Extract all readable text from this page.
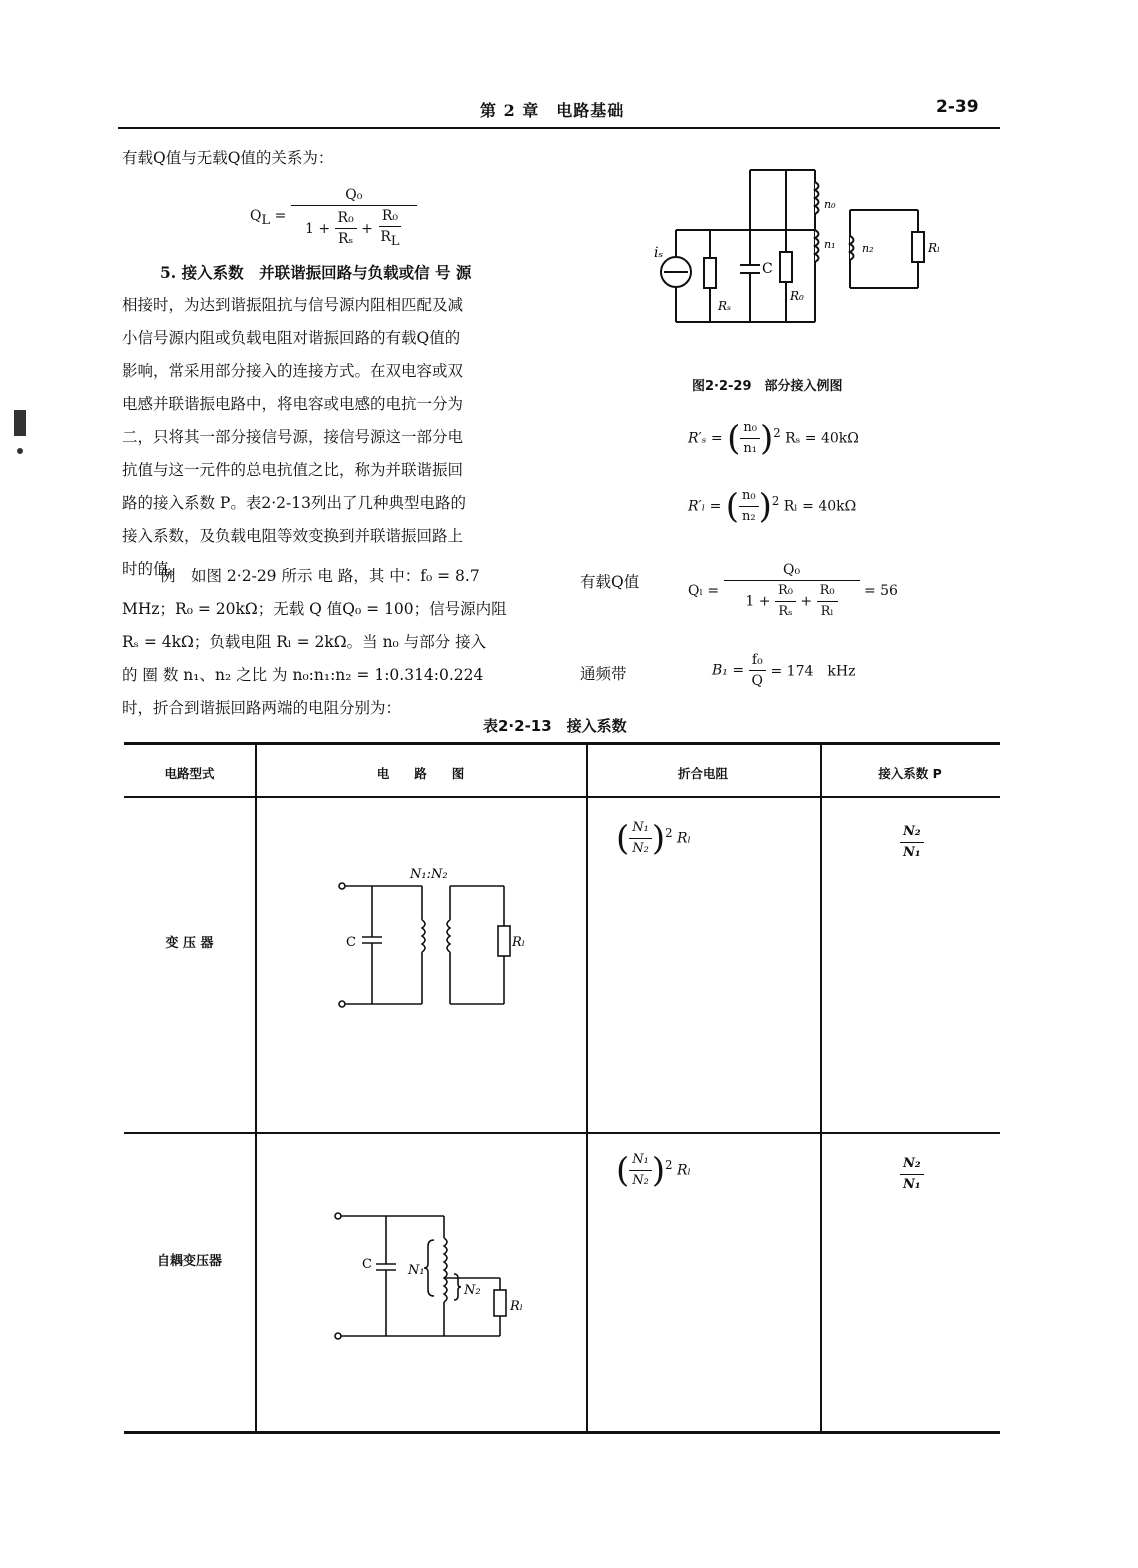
第 2 章　电路基础	2-39
有载Q值与无载Q值的关系为：
$Q_L = \frac{\text{Q₀}}{1 + \frac{\text{R₀}}{\text{Rₛ}} + \frac{\text{R₀}}{R_L}}$
5. 接入系数　并联谐振回路与负载或信 号 源
相接时，为达到谐振阻抗与信号源内阻相匹配及减
小信号源内阻或负载电阻对谐振回路的有载Q值的
影响，常采用部分接入的连接方式。在双电容或双
电感并联谐振电路中，将电容或电感的电抗一分为
二，只将其一部分接信号源，接信号源这一部分电
抗值与这一元件的总电抗值之比，称为并联谐振回
路的接入系数 P。表2·2-13列出了几种典型电路的
接入系数，及负载电阻等效变换到并联谐振回路上
时的值。
例　如图 2·2-29 所示 电 路，其 中：f₀ = 8.7
MHz；R₀ = 20kΩ；无载 Q 值Q₀ = 100；信号源内阻
Rₛ = 4kΩ；负载电阻 Rₗ = 2kΩ。当 n₀ 与部分 接入
的 圈 数 n₁、n₂ 之比 为 n₀:n₁:n₂ = 1:0.314:0.224
时，折合到谐振回路两端的电阻分别为：
iₛ
C
Rₛ
R₀
n₀
n₁ n₂	Rₗ
图2·2-29　部分接入例图
R′ₛ = ( $\frac{\text{n₀}}{\text{n₁}} )^2$ Rₛ = 40kΩ
R′ₗ = ( $\frac{\text{n₀}}{\text{n₂}} )^2$ Rₗ = 40kΩ
有载Q值	$Q_l = \frac{\text{Q₀}}{1 + \frac{\text{R₀}}{\text{Rₛ}} + \frac{\text{R₀}}{\text{Rₗ}}} = 56$
通频带	$B_1 = \frac{\text{f₀}}{Q} = 174$　kHz
表2·2-13　接入系数
电路型式	电　　路　　图	折合电阻	接入系数 P
变 压 器
N₁:N₂
C	Rₗ
( $\frac{\text{N₁}}{\text{N₂}} )^2$ Rₗ	$\frac{\text{N₂}}{\text{N₁}}$
自耦变压器	C	N₁
N₂
Rₗ
( $\frac{\text{N₁}}{\text{N₂}} )^2$ Rₗ	$\frac{\text{N₂}}{\text{N₁}}$
